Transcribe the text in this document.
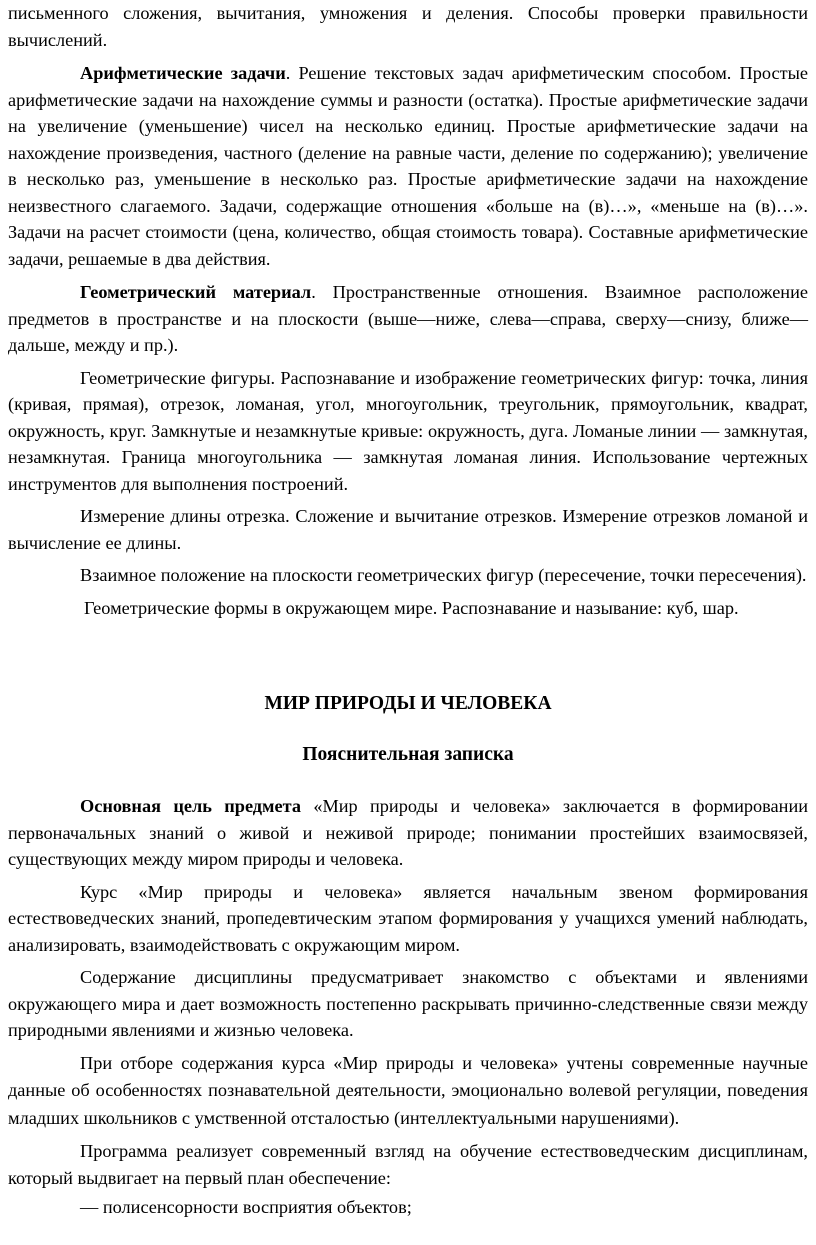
письменного сложения, вычитания, умножения и деления. Способы проверки правильности вычислений.

Арифметические задачи. Решение текстовых задач арифметическим способом. Простые арифметические задачи на нахождение суммы и разности (остатка). Простые арифметические задачи на увеличение (уменьшение) чисел на несколько единиц. Простые арифметические задачи на нахождение произведения, частного (деление на равные части, деление по содержанию); увеличение в несколько раз, уменьшение в несколько раз. Простые арифметические задачи на нахождение неизвестного слагаемого. Задачи, содержащие отношения «больше на (в)…», «меньше на (в)…». Задачи на расчет стоимости (цена, количество, общая стоимость товара). Составные арифметические задачи, решаемые в два действия.

Геометрический материал. Пространственные отношения. Взаимное расположение предметов в пространстве и на плоскости (выше—ниже, слева—справа, сверху—снизу, ближе— дальше, между и пр.).

Геометрические фигуры. Распознавание и изображение геометрических фигур: точка, линия (кривая, прямая), отрезок, ломаная, угол, многоугольник, треугольник, прямоугольник, квадрат, окружность, круг. Замкнутые и незамкнутые кривые: окружность, дуга. Ломаные линии — замкнутая, незамкнутая. Граница многоугольника — замкнутая ломаная линия. Использование чертежных инструментов для выполнения построений.

Измерение длины отрезка. Сложение и вычитание отрезков. Измерение отрезков ломаной и вычисление ее длины.

Взаимное положение на плоскости геометрических фигур (пересечение, точки пересечения).

Геометрические формы в окружающем мире. Распознавание и называние: куб, шар.

МИР ПРИРОДЫ И ЧЕЛОВЕКА
Пояснительная записка

Основная цель предмета «Мир природы и человека» заключается в формировании первоначальных знаний о живой и неживой природе; понимании простейших взаимосвязей, существующих между миром природы и человека.

Курс «Мир природы и человека» является начальным звеном формирования естествоведческих знаний, пропедевтическим этапом формирования у учащихся умений наблюдать, анализировать, взаимодействовать с окружающим миром.

Содержание дисциплины предусматривает знакомство с объектами и явлениями окружающего мира и дает возможность постепенно раскрывать причинно-следственные связи между природными явлениями и жизнью человека.

При отборе содержания курса «Мир природы и человека» учтены современные научные данные об особенностях познавательной деятельности, эмоционально волевой регуляции, поведения младших школьников с умственной отсталостью (интеллектуальными нарушениями).

Программа реализует современный взгляд на обучение естествоведческим дисциплинам, который выдвигает на первый план обеспечение:

— полисенсорности восприятия объектов;
